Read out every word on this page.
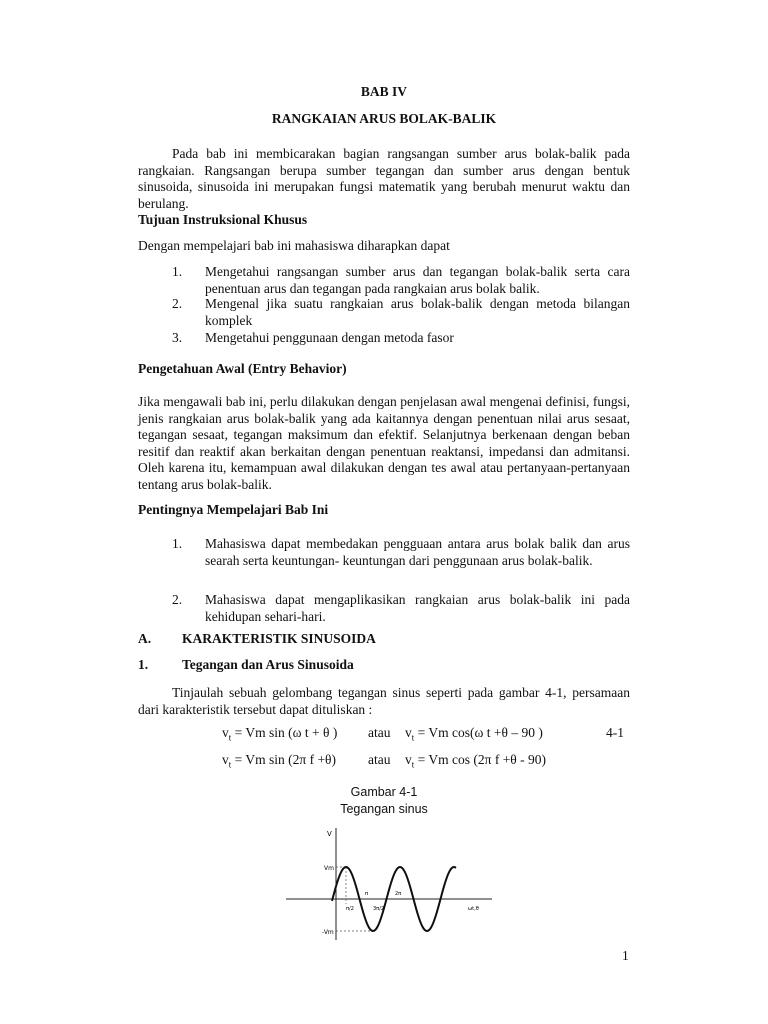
BAB IV
RANGKAIAN ARUS BOLAK-BALIK
Pada bab ini membicarakan bagian rangsangan sumber arus bolak-balik pada rangkaian. Rangsangan berupa sumber tegangan dan sumber arus dengan bentuk sinusoida, sinusoida ini merupakan fungsi matematik yang berubah menurut waktu dan berulang.
Tujuan Instruksional Khusus
Dengan mempelajari bab ini mahasiswa diharapkan dapat
1. Mengetahui rangsangan sumber arus dan tegangan bolak-balik serta cara penentuan arus dan tegangan pada rangkaian arus bolak balik.
2. Mengenal jika suatu rangkaian arus bolak-balik dengan metoda bilangan komplek
3. Mengetahui penggunaan dengan metoda fasor
Pengetahuan Awal (Entry Behavior)
Jika mengawali bab ini, perlu dilakukan dengan penjelasan awal mengenai definisi, fungsi, jenis rangkaian arus bolak-balik yang ada kaitannya dengan penentuan nilai arus sesaat, tegangan sesaat, tegangan maksimum dan efektif. Selanjutnya berkenaan dengan beban resitif dan reaktif akan berkaitan dengan penentuan reaktansi, impedansi dan admitansi. Oleh karena itu, kemampuan awal dilakukan dengan tes awal atau pertanyaan-pertanyaan tentang arus bolak-balik.
Pentingnya Mempelajari Bab Ini
1. Mahasiswa dapat membedakan pengguaan antara arus bolak balik dan arus searah serta keuntungan- keuntungan dari penggunaan arus bolak-balik.
2. Mahasiswa dapat mengaplikasikan rangkaian arus bolak-balik ini pada kehidupan sehari-hari.
A. KARAKTERISTIK SINUSOIDA
1.	Tegangan dan Arus Sinusoida
Tinjaulah sebuah gelombang tegangan sinus seperti pada gambar 4-1, persamaan dari karakteristik tersebut dapat dituliskan :
$v_t = Vm$ sin (ω t + θ ) atau $v_t = Vm$ cos(ω t +θ – 90 )	4-1
$v_t = Vm$ sin (2π f +θ) atau $v_t = Vm$ cos (2π f +θ - 90)
Gambar 4-1
Tegangan sinus
V
Vm
-Vm
π/2
π
3π/2
2π
ωt,θ
1
